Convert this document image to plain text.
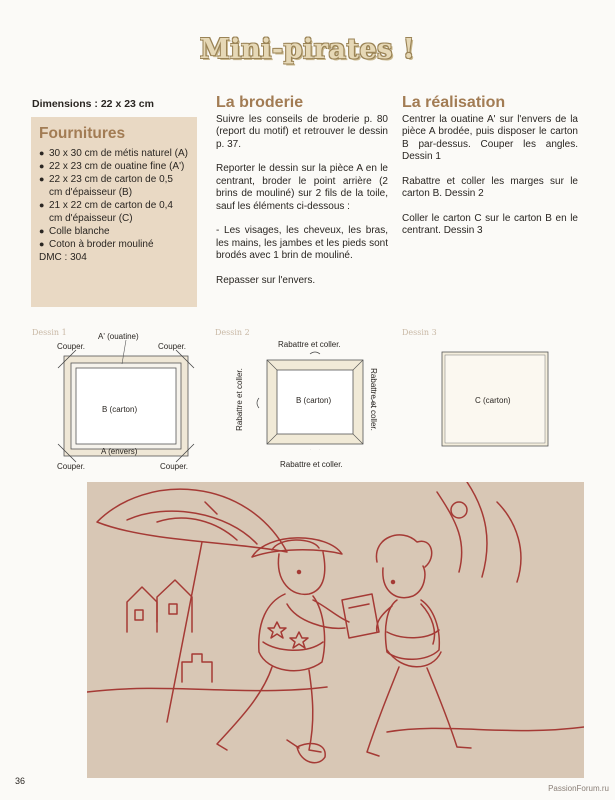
Mini-pirates !
Dimensions : 22 x 23 cm
Fournitures
● 30 x 30 cm de métis naturel (A)
● 22 x 23 cm de ouatine fine (A')
● 22 x 23 cm de carton de 0,5 cm d'épaisseur (B)
● 21 x 22 cm de carton de 0,4 cm d'épaisseur (C)
● Colle blanche
● Coton à broder mouliné
DMC : 304
La broderie

Suivre les conseils de broderie p. 80 (report du motif) et retrouver le dessin p. 37.

Reporter le dessin sur la pièce A en le centrant, broder le point arrière (2 brins de mouliné) sur 2 fils de la toile, sauf les éléments ci-dessous :

- Les visages, les cheveux, les bras, les mains, les jambes et les pieds sont brodés avec 1 brin de mouliné.

Repasser sur l'envers.

La réalisation

Centrer la ouatine A' sur l'envers de la pièce A brodée, puis disposer le carton B par-dessus. Couper les angles. Dessin 1

Rabattre et coller les marges sur le carton B. Dessin 2

Coller le carton C sur le carton B en le centrant. Dessin 3

Dessin 1	A' (ouatine)
B (carton)
A (envers)
Couper.	Couper.
Couper.	Couper.
Dessin 2
Rabattre et coller.
Rabattre et coller.
Rabattre et coller.	Rabattre et coller.
B (carton)
Dessin 3
C (carton)
36
PassionForum.ru
